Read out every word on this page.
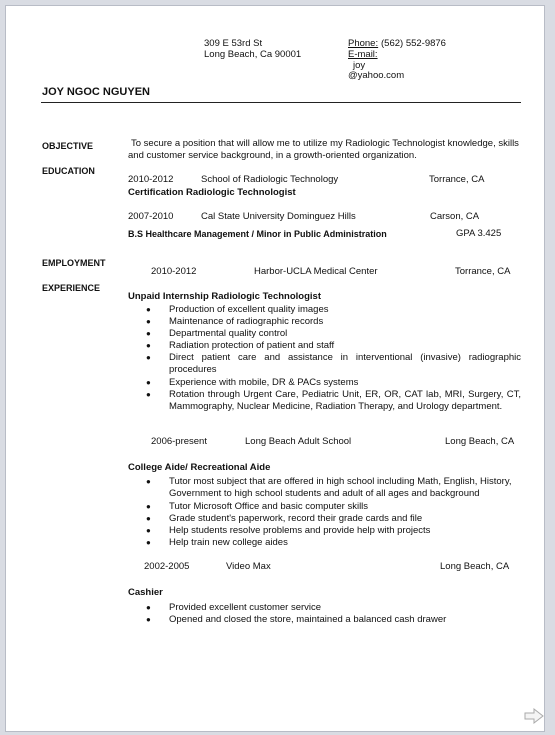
309 E 53rd St
Long Beach, Ca 90001
Phone: (562) 552-9876
E-mail:
joy
@yahoo.com
JOY NGOC NGUYEN
OBJECTIVE
EDUCATION
EMPLOYMENT
EXPERIENCE
To secure a position that will allow me to utilize my Radiologic Technologist knowledge, skills and customer service background, in a growth-oriented organization.
2010-2012	School of Radiologic Technology	Torrance, CA
Certification Radiologic Technologist
2007-2010	Cal State University Dominguez Hills	Carson, CA
B.S Healthcare Management / Minor in Public Administration	GPA 3.425
2010-2012	Harbor-UCLA Medical Center	Torrance, CA
Unpaid Internship Radiologic Technologist
● Production of excellent quality images
● Maintenance of radiographic records
● Departmental quality control
● Radiation protection of patient and staff
● Direct patient care and assistance in interventional (invasive) radiographic procedures
● Experience with mobile, DR & PACs systems
● Rotation through Urgent Care, Pediatric Unit, ER, OR, CAT lab, MRI, Surgery, CT, Mammography, Nuclear Medicine, Radiation Therapy, and Urology department.
2006-present	Long Beach Adult School	Long Beach, CA
College Aide/ Recreational Aide
● Tutor most subject that are offered in high school including Math, English, History, Government to high school students and adult of all ages and background
● Tutor Microsoft Office and basic computer skills
● Grade student's paperwork, record their grade cards and file
● Help students resolve problems and provide help with projects
● Help train new college aides
2002-2005	Video Max	Long Beach, CA
Cashier
● Provided excellent customer service
● Opened and closed the store, maintained a balanced cash drawer
